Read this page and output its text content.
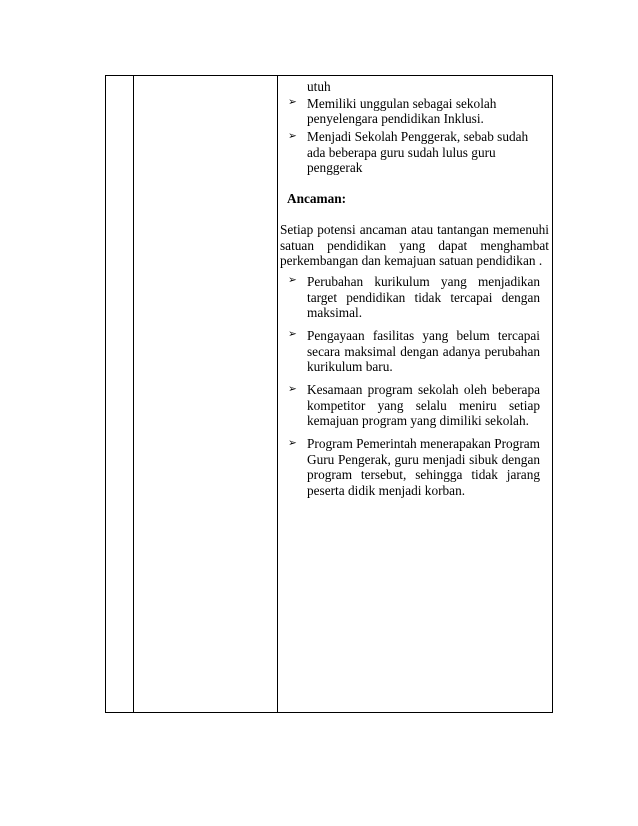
utuh
➢ Memiliki unggulan sebagai sekolah penyelengara pendidikan Inklusi.
➢ Menjadi Sekolah Penggerak, sebab sudah ada beberapa guru sudah lulus guru penggerak
Ancaman:
Setiap potensi ancaman atau tantangan memenuhi satuan pendidikan yang dapat menghambat perkembangan dan kemajuan satuan pendidikan .
➢ Perubahan kurikulum yang menjadikan target pendidikan tidak tercapai dengan maksimal.
➢ Pengayaan fasilitas yang belum tercapai secara maksimal dengan adanya perubahan kurikulum baru.
➢ Kesamaan program sekolah oleh beberapa kompetitor yang selalu meniru setiap kemajuan program yang dimiliki sekolah.
➢ Program Pemerintah menerapakan Program Guru Pengerak, guru menjadi sibuk dengan program tersebut, sehingga tidak jarang peserta didik menjadi korban.
